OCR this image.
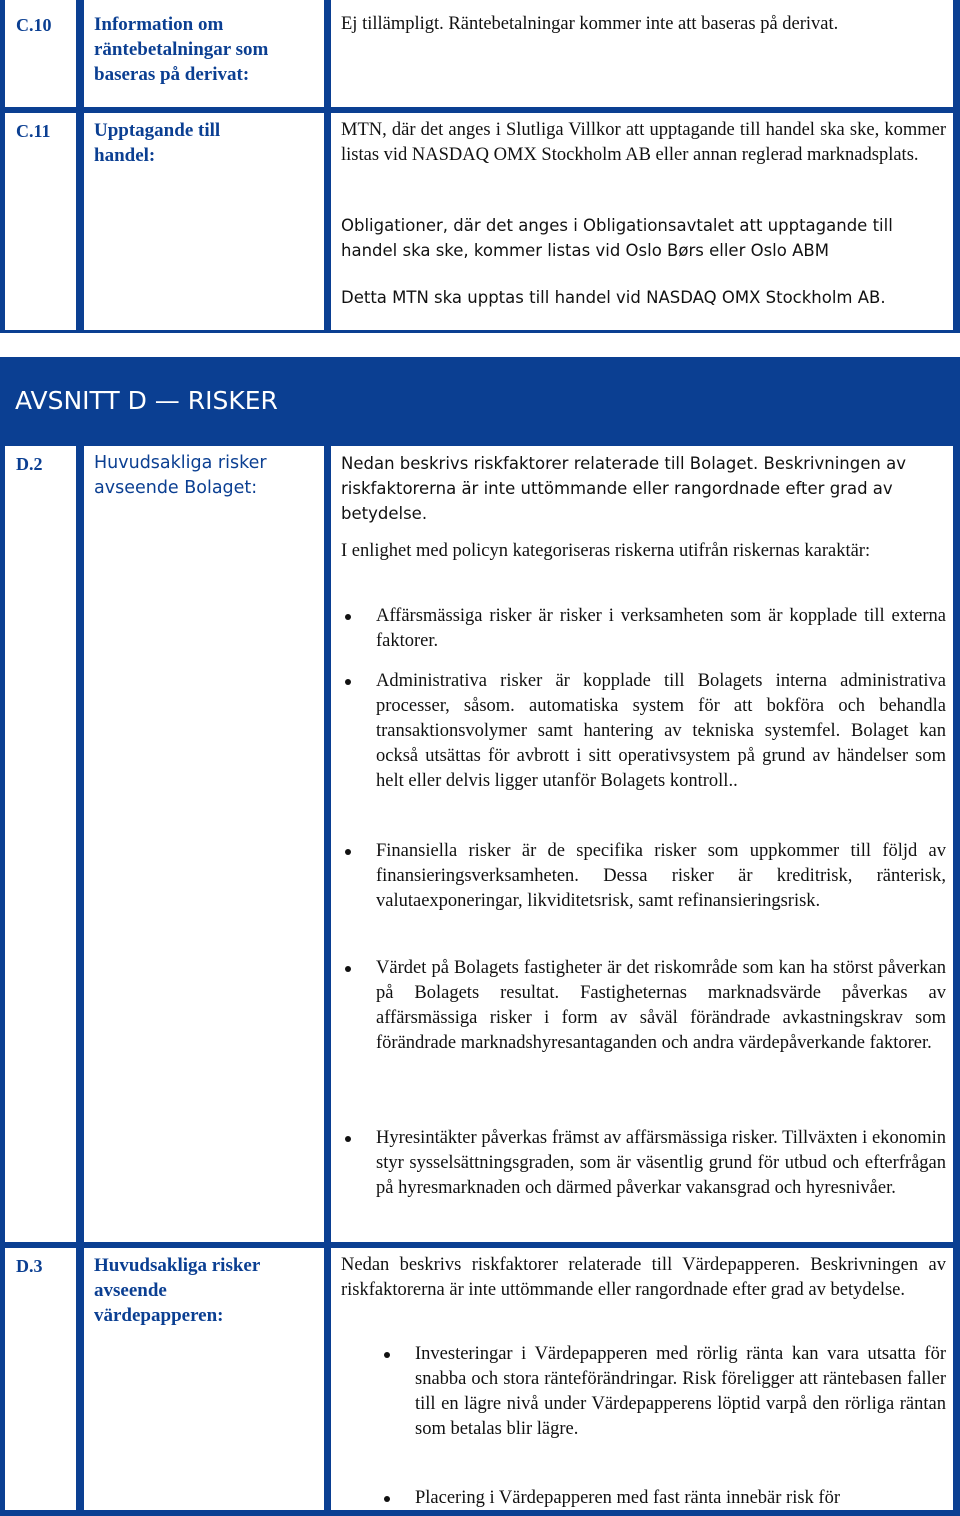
C.10 Information om räntebetalningar som baseras på derivat:

Ej tillämpligt. Räntebetalningar kommer inte att baseras på derivat.

C.11 Upptagande till handel:

MTN, där det anges i Slutliga Villkor att upptagande till handel ska ske, kommer listas vid NASDAQ OMX Stockholm AB eller annan reglerad marknadsplats.

Obligationer, där det anges i Obligationsavtalet att upptagande till handel ska ske, kommer listas vid Oslo Børs eller Oslo ABM

Detta MTN ska upptas till handel vid NASDAQ OMX Stockholm AB.

AVSNITT D — RISKER
D.2	Huvudsakliga risker avseende Bolaget:

Nedan beskrivs riskfaktorer relaterade till Bolaget. Beskrivningen av riskfaktorerna är inte uttömmande eller rangordnade efter grad av betydelse.

I enlighet med policyn kategoriseras riskerna utifrån riskernas karaktär:

Affärsmässiga risker är risker i verksamheten som är kopplade till externa faktorer.
Administrativa risker är kopplade till Bolagets interna administrativa processer, såsom. automatiska system för att bokföra och behandla transaktionsvolymer samt hantering av tekniska systemfel. Bolaget kan också utsättas för avbrott i sitt operativsystem på grund av händelser som helt eller delvis ligger utanför Bolagets kontroll..
Finansiella risker är de specifika risker som uppkommer till följd av finansieringsverksamheten. Dessa risker är kreditrisk, ränterisk, valutaexponeringar, likviditetsrisk, samt refinansieringsrisk.
Värdet på Bolagets fastigheter är det riskområde som kan ha störst påverkan på Bolagets resultat. Fastigheternas marknadsvärde påverkas av affärsmässiga risker i form av såväl förändrade avkastningskrav som förändrade marknadshyresantaganden och andra värdepåverkande faktorer.
Hyresintäkter påverkas främst av affärsmässiga risker. Tillväxten i ekonomin styr sysselsättningsgraden, som är väsentlig grund för utbud och efterfrågan på hyresmarknaden och därmed påverkar vakansgrad och hyresnivåer.
D.3	Huvudsakliga risker avseende värdepapperen:

Nedan beskrivs riskfaktorer relaterade till Värdepapperen. Beskrivningen av riskfaktorerna är inte uttömmande eller rangordnade efter grad av betydelse.

Investeringar i Värdepapperen med rörlig ränta kan vara utsatta för snabba och stora ränteförändringar. Risk föreligger att räntebasen faller till en lägre nivå under Värdepapperens löptid varpå den rörliga räntan som betalas blir lägre.
Placering i Värdepapperen med fast ränta innebär risk för
